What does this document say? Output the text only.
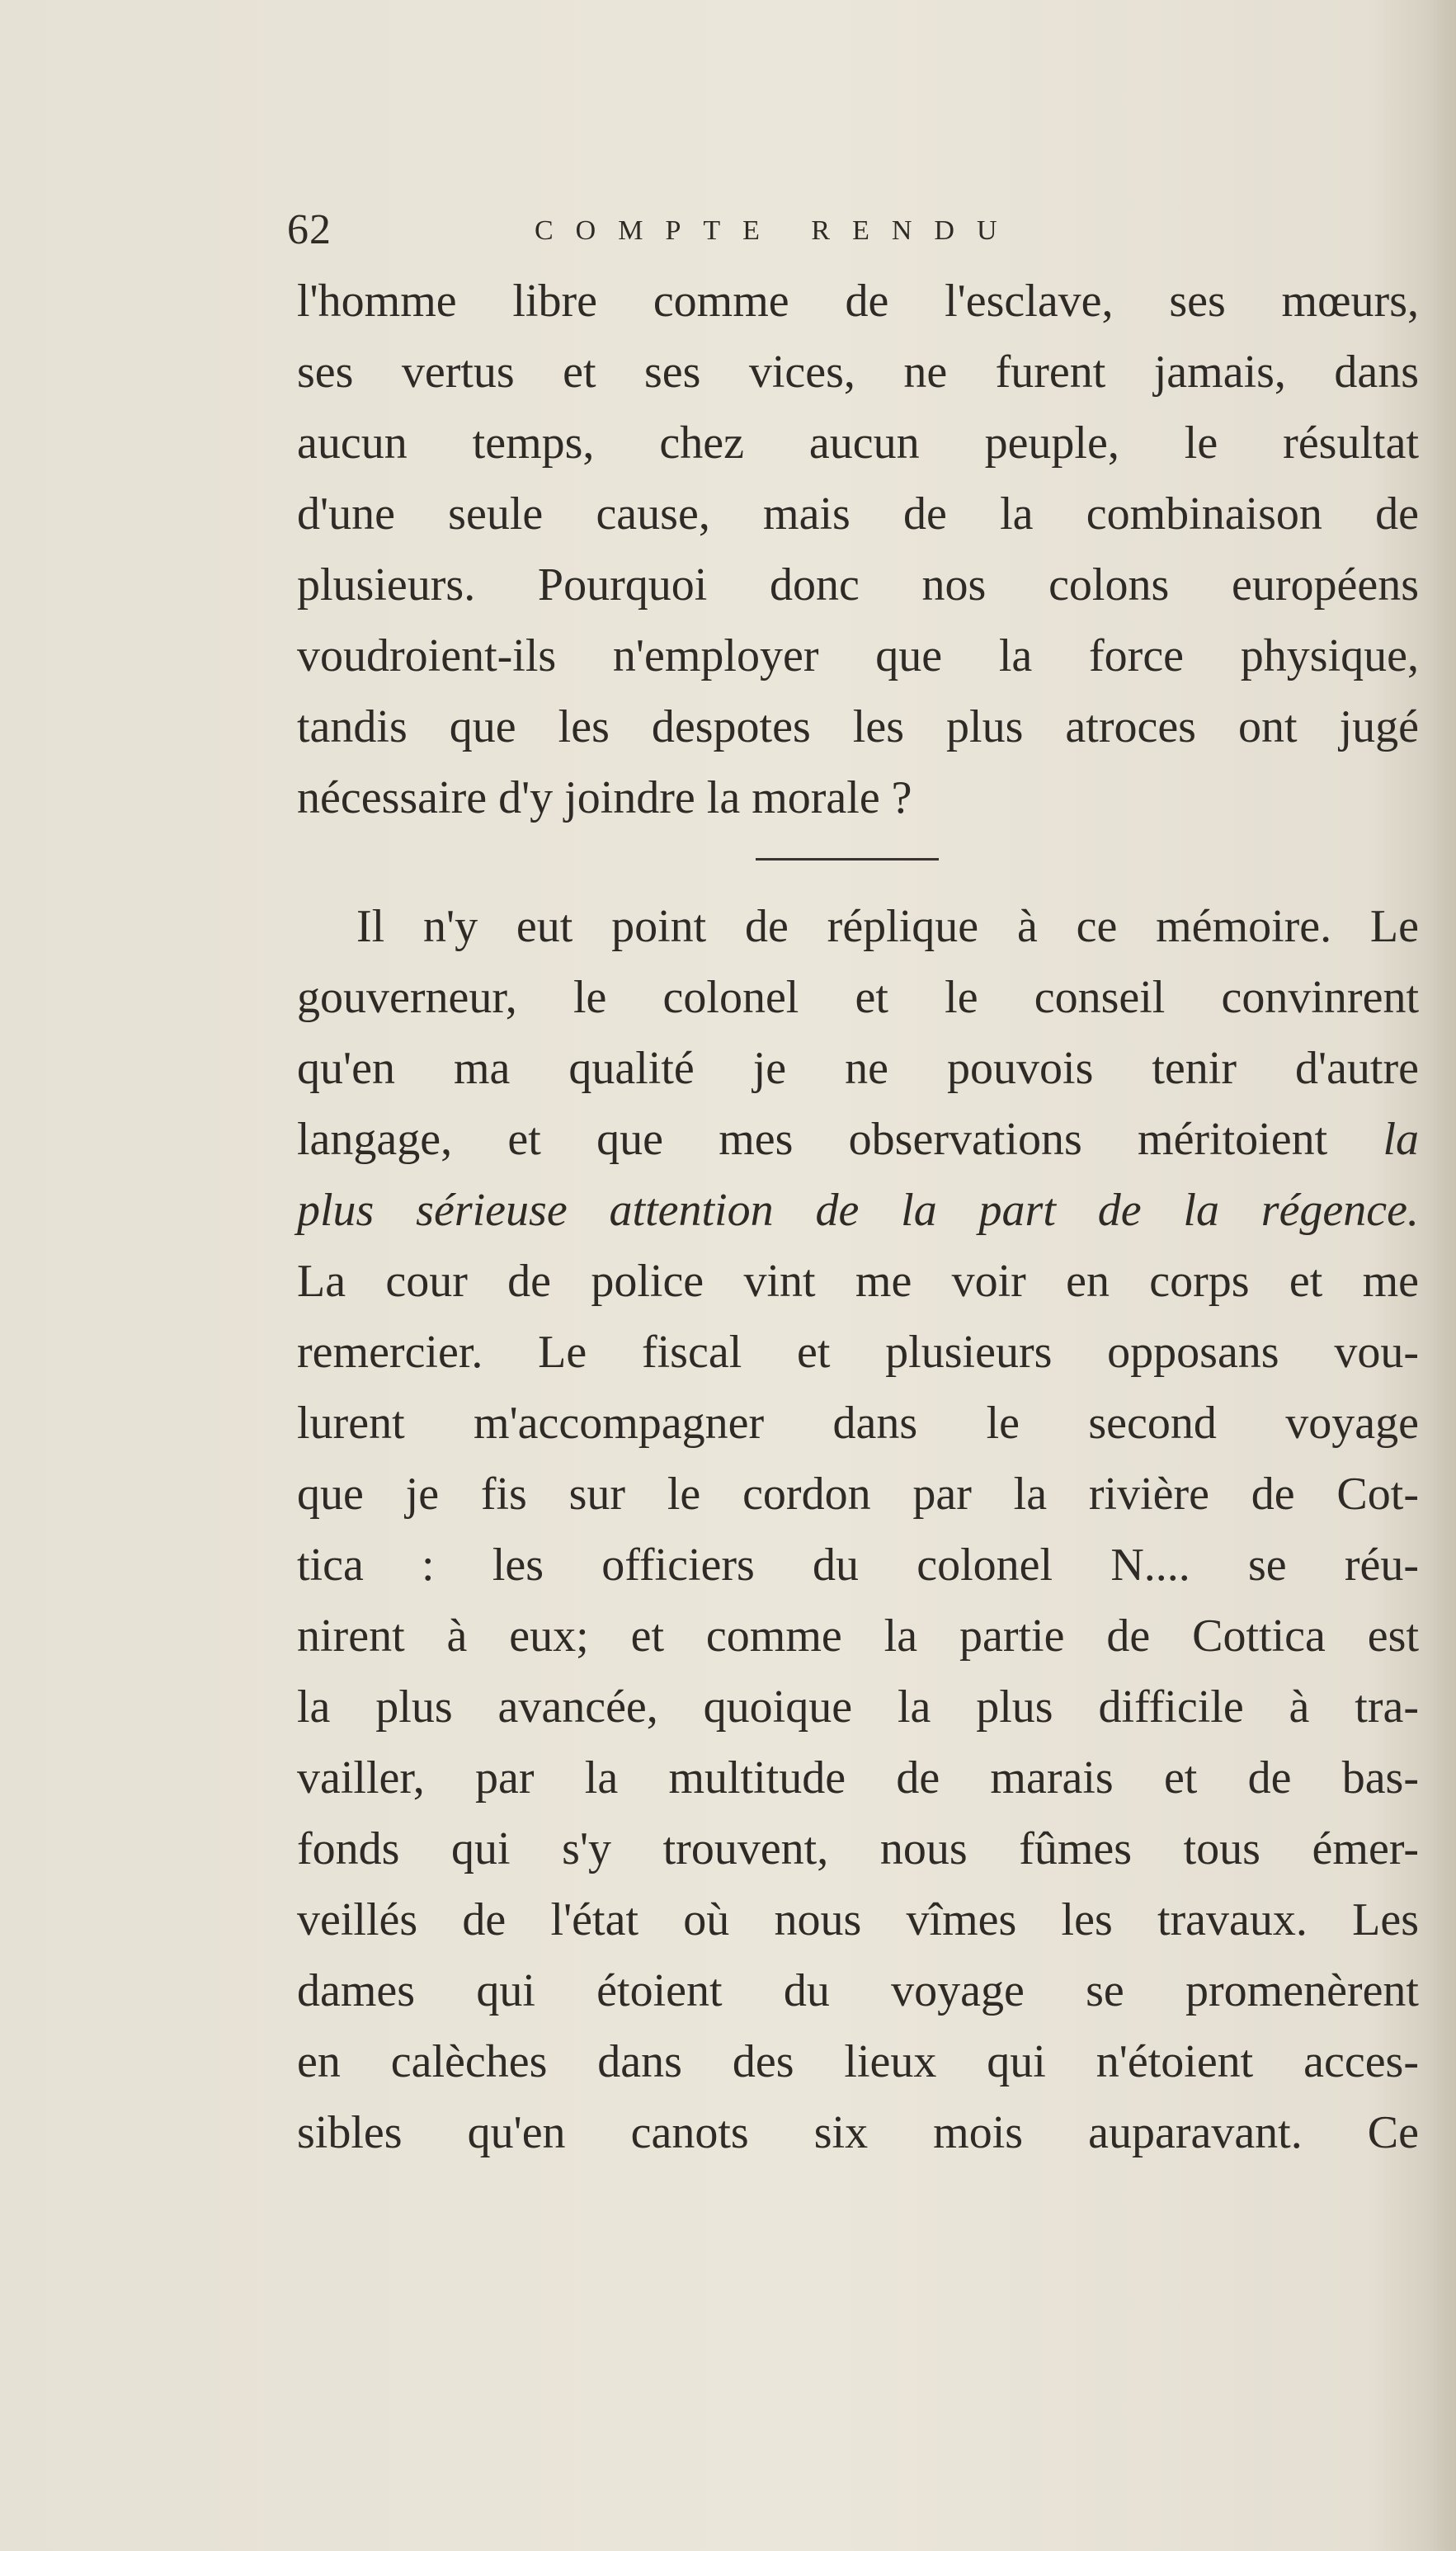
62	COMPTE RENDU
l'homme libre comme de l'esclave, ses mœurs,
ses vertus et ses vices, ne furent jamais, dans
aucun temps, chez aucun peuple, le résultat
d'une seule cause, mais de la combinaison de
plusieurs. Pourquoi donc nos colons européens
voudroient-ils n'employer que la force physique,
tandis que les despotes les plus atroces ont jugé
nécessaire d'y joindre la morale ?
Il n'y eut point de réplique à ce mémoire. Le
gouverneur, le colonel et le conseil convinrent
qu'en ma qualité je ne pouvois tenir d'autre
langage, et que mes observations méritoient la
plus sérieuse attention de la part de la régence.
La cour de police vint me voir en corps et me
remercier. Le fiscal et plusieurs opposans vou-
lurent m'accompagner dans le second voyage
que je fis sur le cordon par la rivière de Cot-
tica : les officiers du colonel N.... se réu-
nirent à eux; et comme la partie de Cottica est
la plus avancée, quoique la plus difficile à tra-
vailler, par la multitude de marais et de bas-
fonds qui s'y trouvent, nous fûmes tous émer-
veillés de l'état où nous vîmes les travaux. Les
dames qui étoient du voyage se promenèrent
en calèches dans des lieux qui n'étoient acces-
sibles qu'en canots six mois auparavant. Ce
